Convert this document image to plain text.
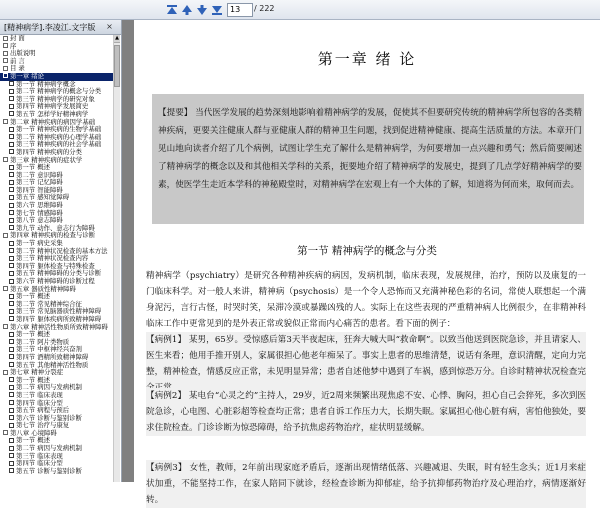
13	/ 222
[精神病学].李凌江.文字版 ×
封 面
序
出版说明
前 言
目 录
第一章 绪论
第一节 精神病学概念
第二节 精神病学的概念与分类
第三节 精神病学的研究对象
第四节 精神病学发展简史
第五节 怎样学好精神病学
第二章 精神疾病的病因学基础
第一节 精神疾病的生物学基础
第二节 精神疾病的心理学基础
第三节 精神疾病的社会学基础
第四节 精神疾病的分类
第三章 精神疾病的症状学
第一节 概述
第二节 意识障碍
第三节 记忆障碍
第四节 智能障碍
第五节 感知觉障碍
第六节 思维障碍
第七节 情感障碍
第八节 意志障碍
第九节 动作、意志行为障碍
第四章 精神疾病的检查与诊断
第一节 病史采集
第二节 精神状况检查的基本方法
第三节 精神状况检查内容
第四节 躯体检查与特殊检查
第五节 精神障碍的分类与诊断
第六节 精神障碍的诊断过程
第五章 器质性精神障碍
第一节 概述
第二节 常见精神综合征
第三节 常见脑器质性精神障碍
第四节 躯体疾病所致精神障碍
第六章 精神活性物质所致精神障碍
第一节 概述
第二节 阿片类物质
第三节 中枢神经兴奋剂
第四节 酒精所致精神障碍
第五节 其他精神活性物质
第七章 精神分裂症
第一节 概述
第二节 病因与发病机制
第三节 临床表现
第四节 临床分型
第五节 病程与预后
第六节 诊断与鉴别诊断
第七节 治疗与康复
第八章 心境障碍
第一节 概述
第二节 病因与发病机制
第三节 临床表现
第四节 临床分型
第五节 诊断与鉴别诊断
▲
第一章 绪 论
【提要】 当代医学发展的趋势深刻地影响着精神病学的发展，促使其不但要研究传统的精神病学所包容的各类精神疾病，更要关注健康人群与亚健康人群的精神卫生问题，找到促进精神健康、提高生活质量的方法。本章开门见山地向读者介绍了几个病例，试图让学生充了解什么是精神病学，为何要增加一点兴趣和勇气；然后简要阐述了精神病学的概念以及和其他相关学科的关系，扼要地介绍了精神病学的发展史，提到了几点学好精神病学的要素，使医学生走近本学科的神秘殿堂时，对精神病学在宏观上有一个大体的了解，知道将为何而来，取何而去。
第一节 精神病学的概念与分类
精神病学（psychiatry）是研究各种精神疾病的病因，发病机制，临床表现，发展规律，治疗，预防以及康复的一门临床科学。对一般人来讲，精神病（psychosis）是一个令人恐怖而又充满神秘色彩的名词，常使人联想起一个满身泥污，言行古怪，时哭时笑，呆滞冷漠或暴躁凶残的人。实际上在这些表现的严重精神病人比例很少，在非精神科临床工作中更常见到的是外表正常或貌似正常而内心痛苦的患者。看下面的例子：
【病例1】 某男，65岁。受惊感后第3天半夜起床，狂奔大喊大叫“救命啊”。以致当他送到医院急诊，并且请家人、医生来看；他用手推开别人，家属很担心他老年痴呆了。事实上患者的思维清楚，说话有条理，意识清醒，定向力完整，精神检查，情感反应正常，未见明显异常；患者自述他梦中遇到了车祸，感到惊恐万分。自诊时精神状况检查完
【病例2】 某电台“心灵之约”主持人，29岁，近2周来频繁出现焦虑不安、心悸、胸闷，担心自己会猝死，多次到医院急诊，心电图、心脏彩超等检查均正常；患者自诉工作压力大，长期失眠。家属担心他心脏有病，害怕他独处，要求住院检查。门诊诊断为惊恐障碍，给予抗焦虑药物治疗，症状明显缓解。
【病例3】 女性，教师，2年前出现家庭矛盾后，逐渐出现情绪低落、兴趣减退、失眠，时有轻生念头；近1月来症状加重，不能坚持工作，在家人陪同下就诊，经检查诊断为抑郁症，给予抗抑郁药物治疗及心理治疗，病情逐渐好转。
